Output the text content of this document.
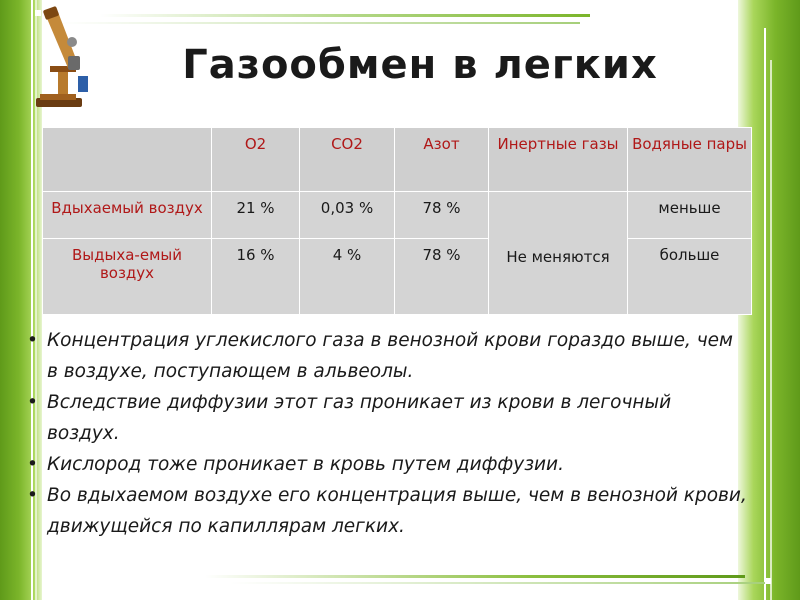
Газообмен в легких
	O2	CO2	Азот	Инертные газы	Водяные пары
Вдыхаемый воздух	21 %	0,03 %	78 %	Не меняются	меньше
Выдыха-емый воздух	16 %	4 %	78 %		больше
• Концентрация углекислого газа в венозной крови гораздо выше, чем в воздухе, поступающем в альвеолы.
• Вследствие диффузии этот газ проникает из крови в легочный воздух.
• Кислород тоже проникает в кровь путем диффузии.
• Во вдыхаемом воздухе его концентрация выше, чем в венозной крови, движущейся по капиллярам легких.
